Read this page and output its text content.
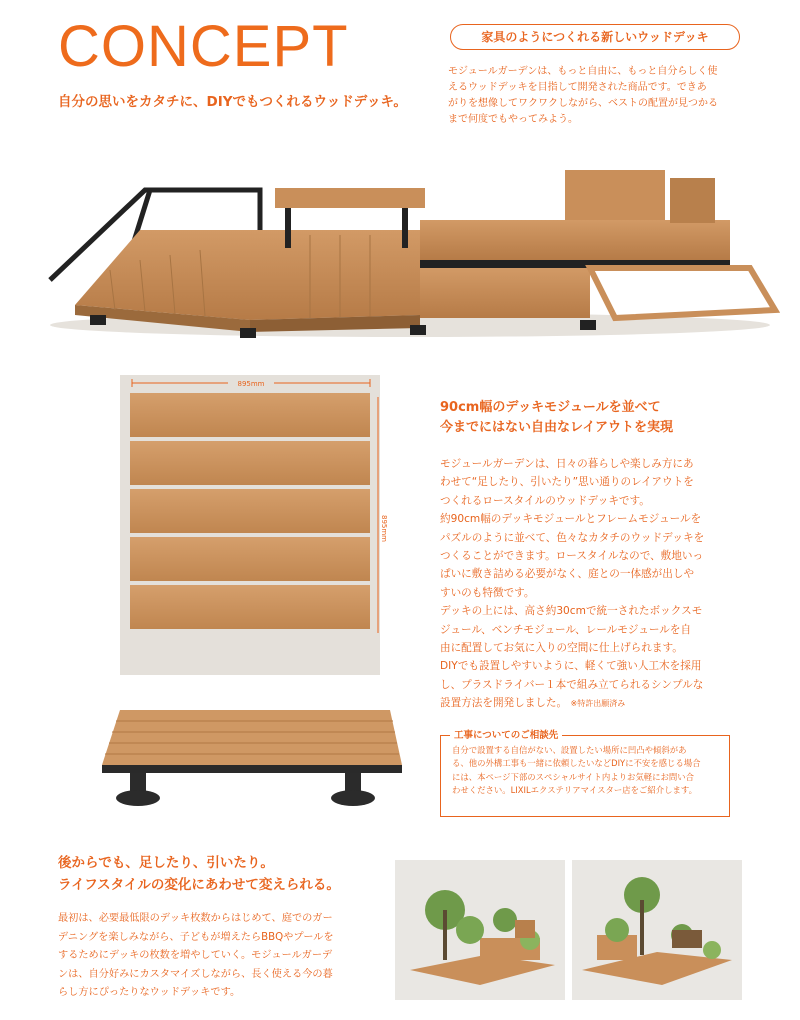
CONCEPT
自分の思いをカタチに、DIYでもつくれるウッドデッキ。
家具のようにつくれる新しいウッドデッキ
モジュールガーデンは、もっと自由に、もっと自分らしく使
えるウッドデッキを目指して開発された商品です。できあ
がりを想像してワクワクしながら、ベストの配置が見つかる
まで何度でもやってみよう。
895mm
895mm
90cm幅のデッキモジュールを並べて
今までにはない自由なレイアウトを実現
モジュールガーデンは、日々の暮らしや楽しみ方にあ
わせて“足したり、引いたり”思い通りのレイアウトを
つくれるロースタイルのウッドデッキです。
約90cm幅のデッキモジュールとフレームモジュールを
パズルのように並べて、色々なカタチのウッドデッキを
つくることができます。ロースタイルなので、敷地いっ
ぱいに敷き詰める必要がなく、庭との一体感が出しや
すいのも特徴です。
デッキの上には、高さ約30cmで統一されたボックスモ
ジュール、ベンチモジュール、レールモジュールを自
由に配置してお気に入りの空間に仕上げられます。
DIYでも設置しやすいように、軽くて強い人工木を採用
し、プラスドライバー１本で組み立てられるシンプルな
設置方法を開発しました。 ※特許出願済み
工事についてのご相談先
自分で設置する自信がない、設置したい場所に凹凸や傾斜があ
る、他の外構工事も一緒に依頼したいなどDIYに不安を感じる場合
には、本ページ下部のスペシャルサイト内よりお気軽にお問い合
わせください。LIXILエクステリアマイスター店をご紹介します。
後からでも、足したり、引いたり。
ライフスタイルの変化にあわせて変えられる。
最初は、必要最低限のデッキ枚数からはじめて、庭でのガー
デニングを楽しみながら、子どもが増えたらBBQやプールを
するためにデッキの枚数を増やしていく。モジュールガーデ
ンは、自分好みにカスタマイズしながら、長く使える今の暮
らし方にぴったりなウッドデッキです。
